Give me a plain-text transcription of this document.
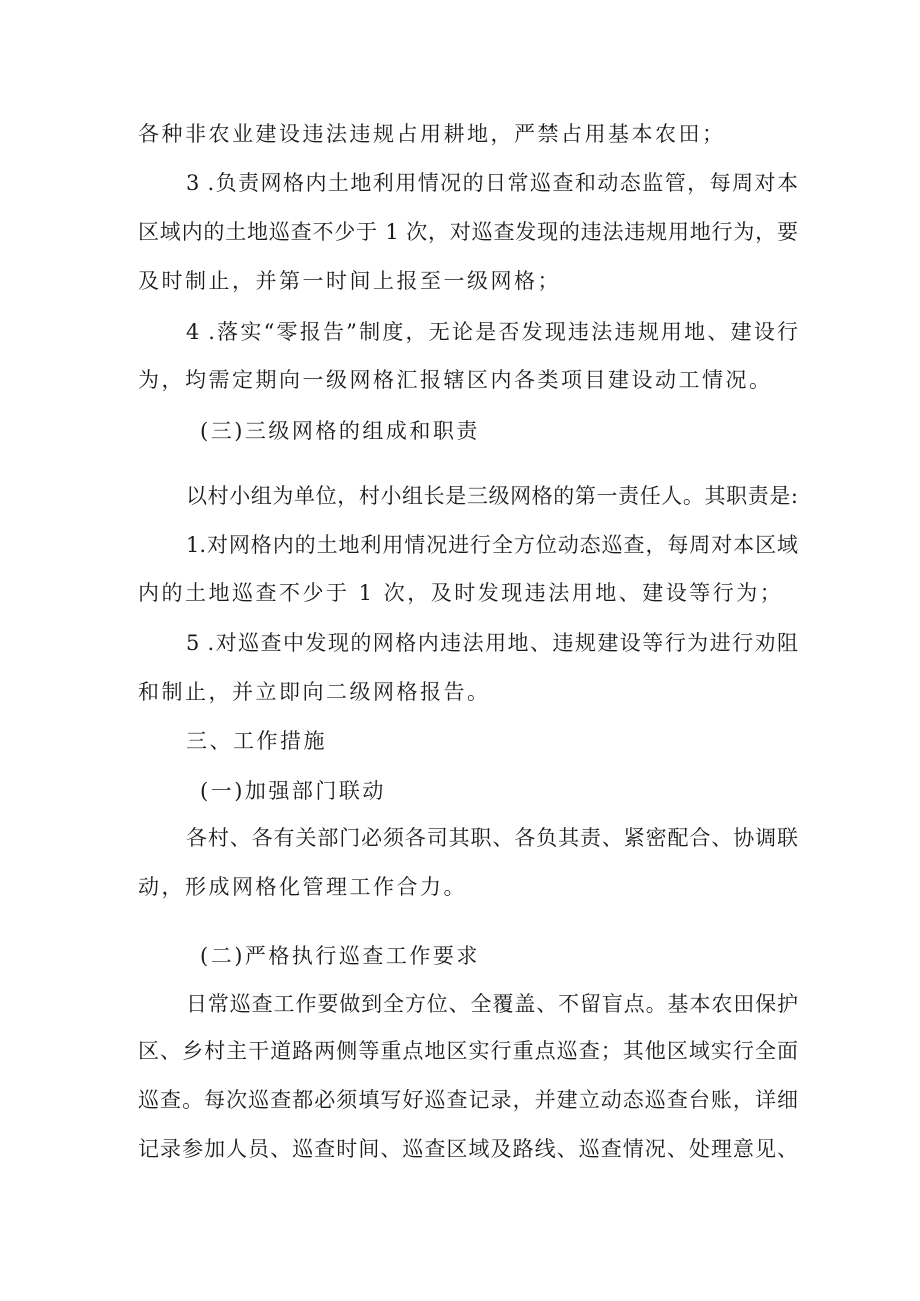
各种非农业建设违法违规占用耕地，严禁占用基本农田；
3 .负责网格内土地利用情况的日常巡查和动态监管，每周对本
区域内的土地巡查不少于 1 次，对巡查发现的违法违规用地行为，要
及时制止，并第一时间上报至一级网格；
4 .落实“零报告”制度，无论是否发现违法违规用地、建设行
为，均需定期向一级网格汇报辖区内各类项目建设动工情况。
(三)三级网格的组成和职责
以村小组为单位，村小组长是三级网格的第一责任人。其职责是:
1.对网格内的土地利用情况进行全方位动态巡查，每周对本区域
内的土地巡查不少于 1 次，及时发现违法用地、建设等行为；
5 .对巡查中发现的网格内违法用地、违规建设等行为进行劝阻
和制止，并立即向二级网格报告。
三、工作措施
(一)加强部门联动
各村、各有关部门必须各司其职、各负其责、紧密配合、协调联
动，形成网格化管理工作合力。
(二)严格执行巡查工作要求
日常巡查工作要做到全方位、全覆盖、不留盲点。基本农田保护
区、乡村主干道路两侧等重点地区实行重点巡查；其他区域实行全面
巡查。每次巡查都必须填写好巡查记录，并建立动态巡查台账，详细
记录参加人员、巡查时间、巡查区域及路线、巡查情况、处理意见、
